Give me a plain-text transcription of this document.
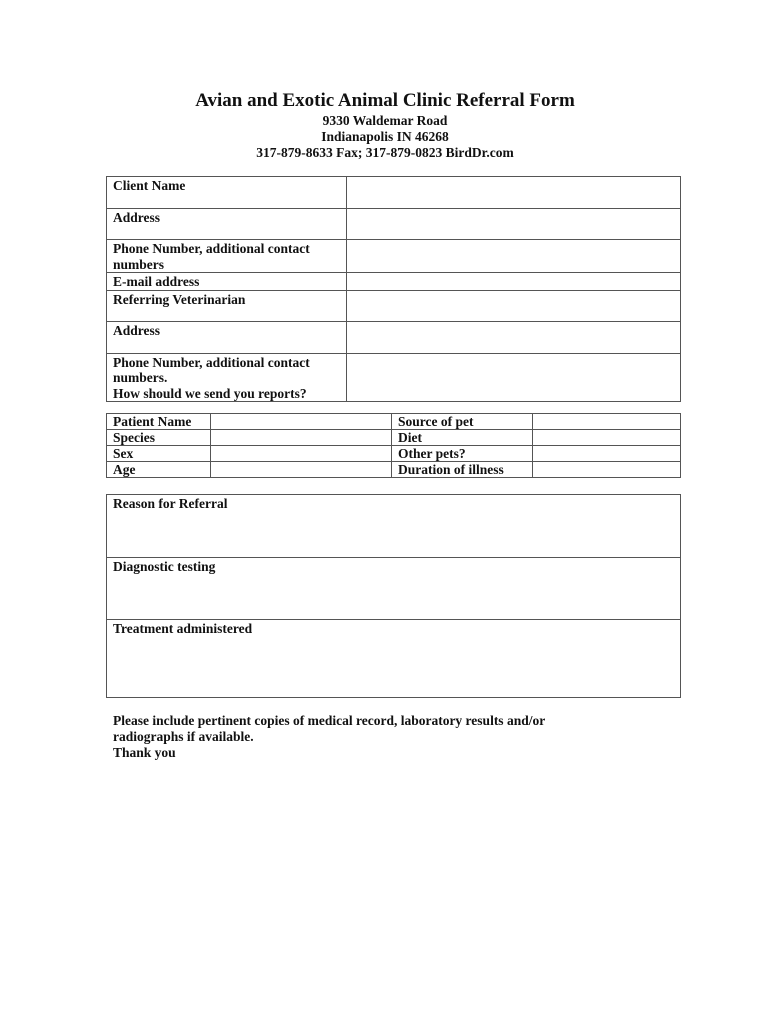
Avian and Exotic Animal Clinic Referral Form
9330 Waldemar Road
Indianapolis IN 46268
317-879-8633 Fax; 317-879-0823 BirdDr.com
Client Name	
Address	

Phone Number, additional contact
numbers	

E-mail address	
Referring Veterinarian	
Address	

Phone Number, additional contact
numbers.
How should we send you reports?	

Patient Name		Source of pet	
Species		Diet	
Sex		Other pets?	
Age		Duration of illness	
Reason for Referral
Diagnostic testing
Treatment administered
Please include pertinent copies of medical record, laboratory results and/or
radiographs if available.
Thank you
